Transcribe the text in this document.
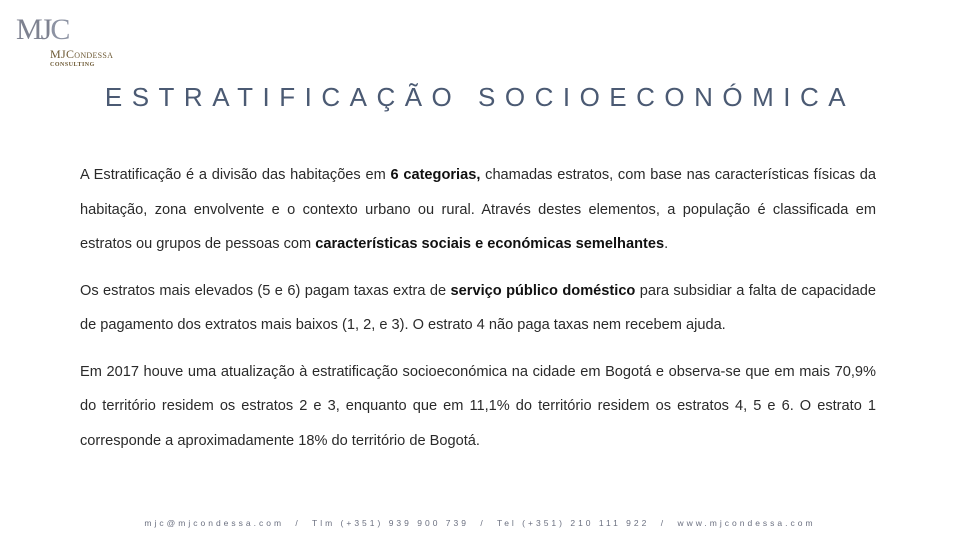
MJC
MJCondessa
CONSULTING
ESTRATIFICAÇÃO SOCIOECONÓMICA

A Estratificação é a divisão das habitações em 6 categorias, chamadas estratos, com base nas características físicas da habitação, zona envolvente e o contexto urbano ou rural. Através destes elementos, a população é classificada em estratos ou grupos de pessoas com características sociais e económicas semelhantes.

Os estratos mais elevados (5 e 6) pagam taxas extra de serviço público doméstico para subsidiar a falta de capacidade de pagamento dos extratos mais baixos (1, 2, e 3). O estrato 4 não paga taxas nem recebem ajuda.

Em 2017 houve uma atualização à estratificação socioeconómica na cidade em Bogotá e observa-se que em mais 70,9% do território residem os estratos 2 e 3, enquanto que em 11,1% do território residem os estratos 4, 5 e 6. O estrato 1 corresponde a aproximadamente 18% do território de Bogotá.

mjc@mjcondessa.com / Tlm (+351) 939 900 739 / Tel (+351) 210 111 922 / www.mjcondessa.com
